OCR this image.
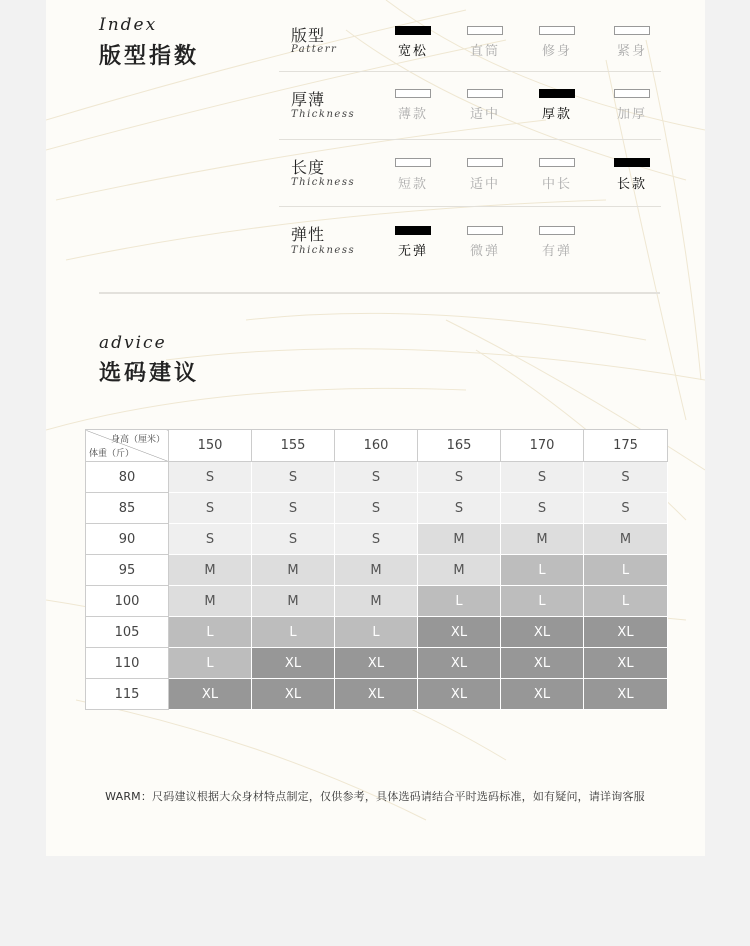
Index
版型指数
版型
Patterr	宽松	直筒	修身	紧身
厚薄
Thickness	薄款	适中	厚款	加厚
长度
Thickness	短款	适中	中长	长款
弹性
Thickness	无弹	微弹	有弹
advice
选码建议
身高（厘米）
体重（斤）	150	155	160	165	170	175
80	S	S	S	S	S	S
85	S	S	S	S	S	S
90	S	S	S	M	M	M
95	M	M	M	M	L	L
100	M	M	M	L	L	L
105	L	L	L	XL	XL	XL
110	L	XL	XL	XL	XL	XL
115	XL	XL	XL	XL	XL	XL
WARM：尺码建议根据大众身材特点制定，仅供参考，具体选码请结合平时选码标准，如有疑问，请详询客服
